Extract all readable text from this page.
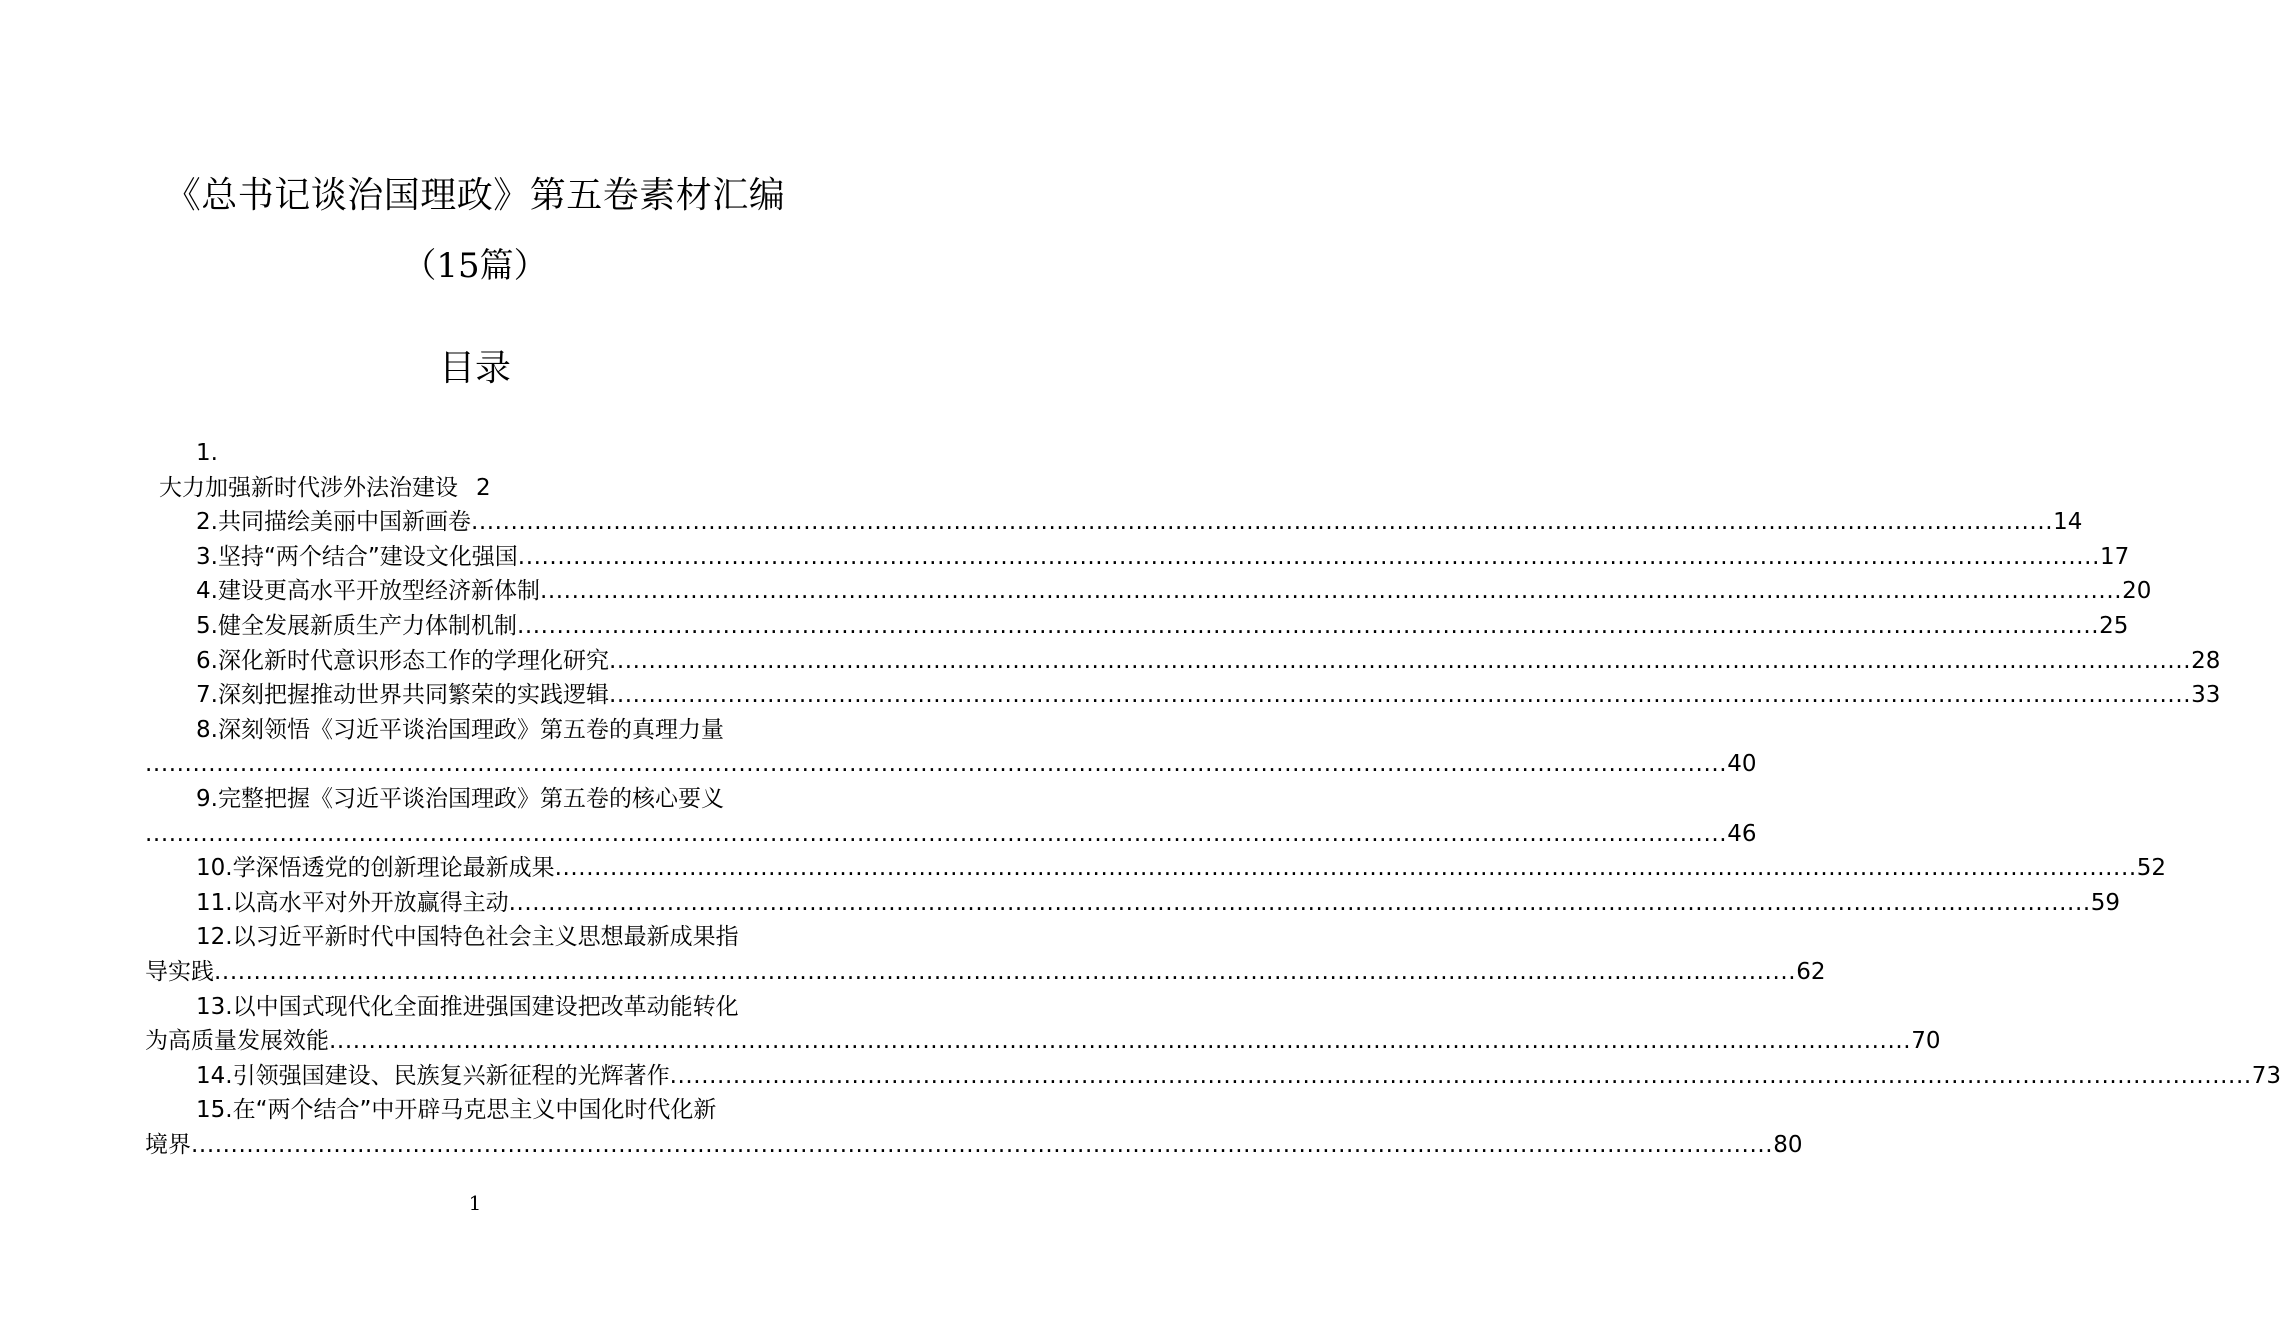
《总书记谈治国理政》第五卷素材汇编
（15篇）
目录
1.
大力加强新时代涉外法治建设 2
2.共同描绘美丽中国新画卷 ........................................................................................................................................................................................................ 14
3.坚持“两个结合”建设文化强国 ........................................................................................................................................................................................................ 17
4.建设更高水平开放型经济新体制 ........................................................................................................................................................................................................ 20
5.健全发展新质生产力体制机制 ........................................................................................................................................................................................................ 25
6.深化新时代意识形态工作的学理化研究 ........................................................................................................................................................................................................ 28
7.深刻把握推动世界共同繁荣的实践逻辑 ........................................................................................................................................................................................................ 33
8.深刻领悟《习近平谈治国理政》第五卷的真理力量
........................................................................................................................................................................................................ 40
9.完整把握《习近平谈治国理政》第五卷的核心要义
........................................................................................................................................................................................................ 46
10.学深悟透党的创新理论最新成果 ........................................................................................................................................................................................................ 52
11.以高水平对外开放赢得主动 ........................................................................................................................................................................................................ 59
12.以习近平新时代中国特色社会主义思想最新成果指
导实践 ........................................................................................................................................................................................................ 62
13.以中国式现代化全面推进强国建设把改革动能转化
为高质量发展效能 ........................................................................................................................................................................................................ 70
14.引领强国建设、民族复兴新征程的光辉著作 ........................................................................................................................................................................................................ 73
15.在“两个结合”中开辟马克思主义中国化时代化新
境界 ........................................................................................................................................................................................................ 80
1
